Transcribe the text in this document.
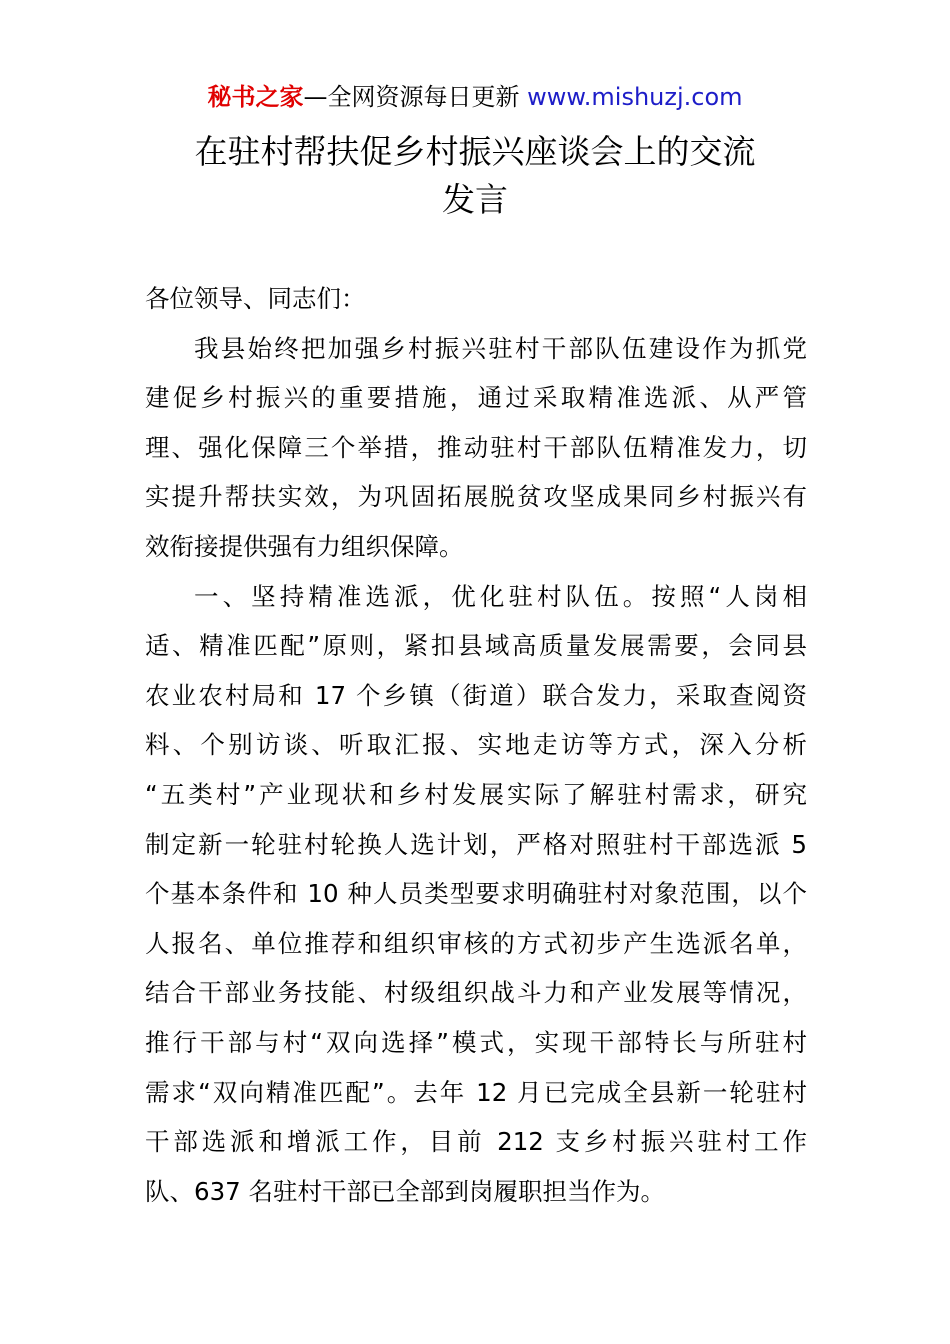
秘书之家—全网资源每日更新 www.mishuzj.com
在驻村帮扶促乡村振兴座谈会上的交流
发言
各位领导、同志们：
我县始终把加强乡村振兴驻村干部队伍建设作为抓党
建促乡村振兴的重要措施，通过采取精准选派、从严管
理、强化保障三个举措，推动驻村干部队伍精准发力，切
实提升帮扶实效，为巩固拓展脱贫攻坚成果同乡村振兴有
效衔接提供强有力组织保障。
一、坚持精准选派，优化驻村队伍。按照“人岗相
适、精准匹配”原则，紧扣县域高质量发展需要，会同县
农业农村局和 17 个乡镇（街道）联合发力，采取查阅资
料、个别访谈、听取汇报、实地走访等方式，深入分析
“五类村”产业现状和乡村发展实际了解驻村需求，研究
制定新一轮驻村轮换人选计划，严格对照驻村干部选派 5
个基本条件和 10 种人员类型要求明确驻村对象范围，以个
人报名、单位推荐和组织审核的方式初步产生选派名单，
结合干部业务技能、村级组织战斗力和产业发展等情况，
推行干部与村“双向选择”模式，实现干部特长与所驻村
需求“双向精准匹配”。去年 12 月已完成全县新一轮驻村
干部选派和增派工作，目前 212 支乡村振兴驻村工作
队、637 名驻村干部已全部到岗履职担当作为。
